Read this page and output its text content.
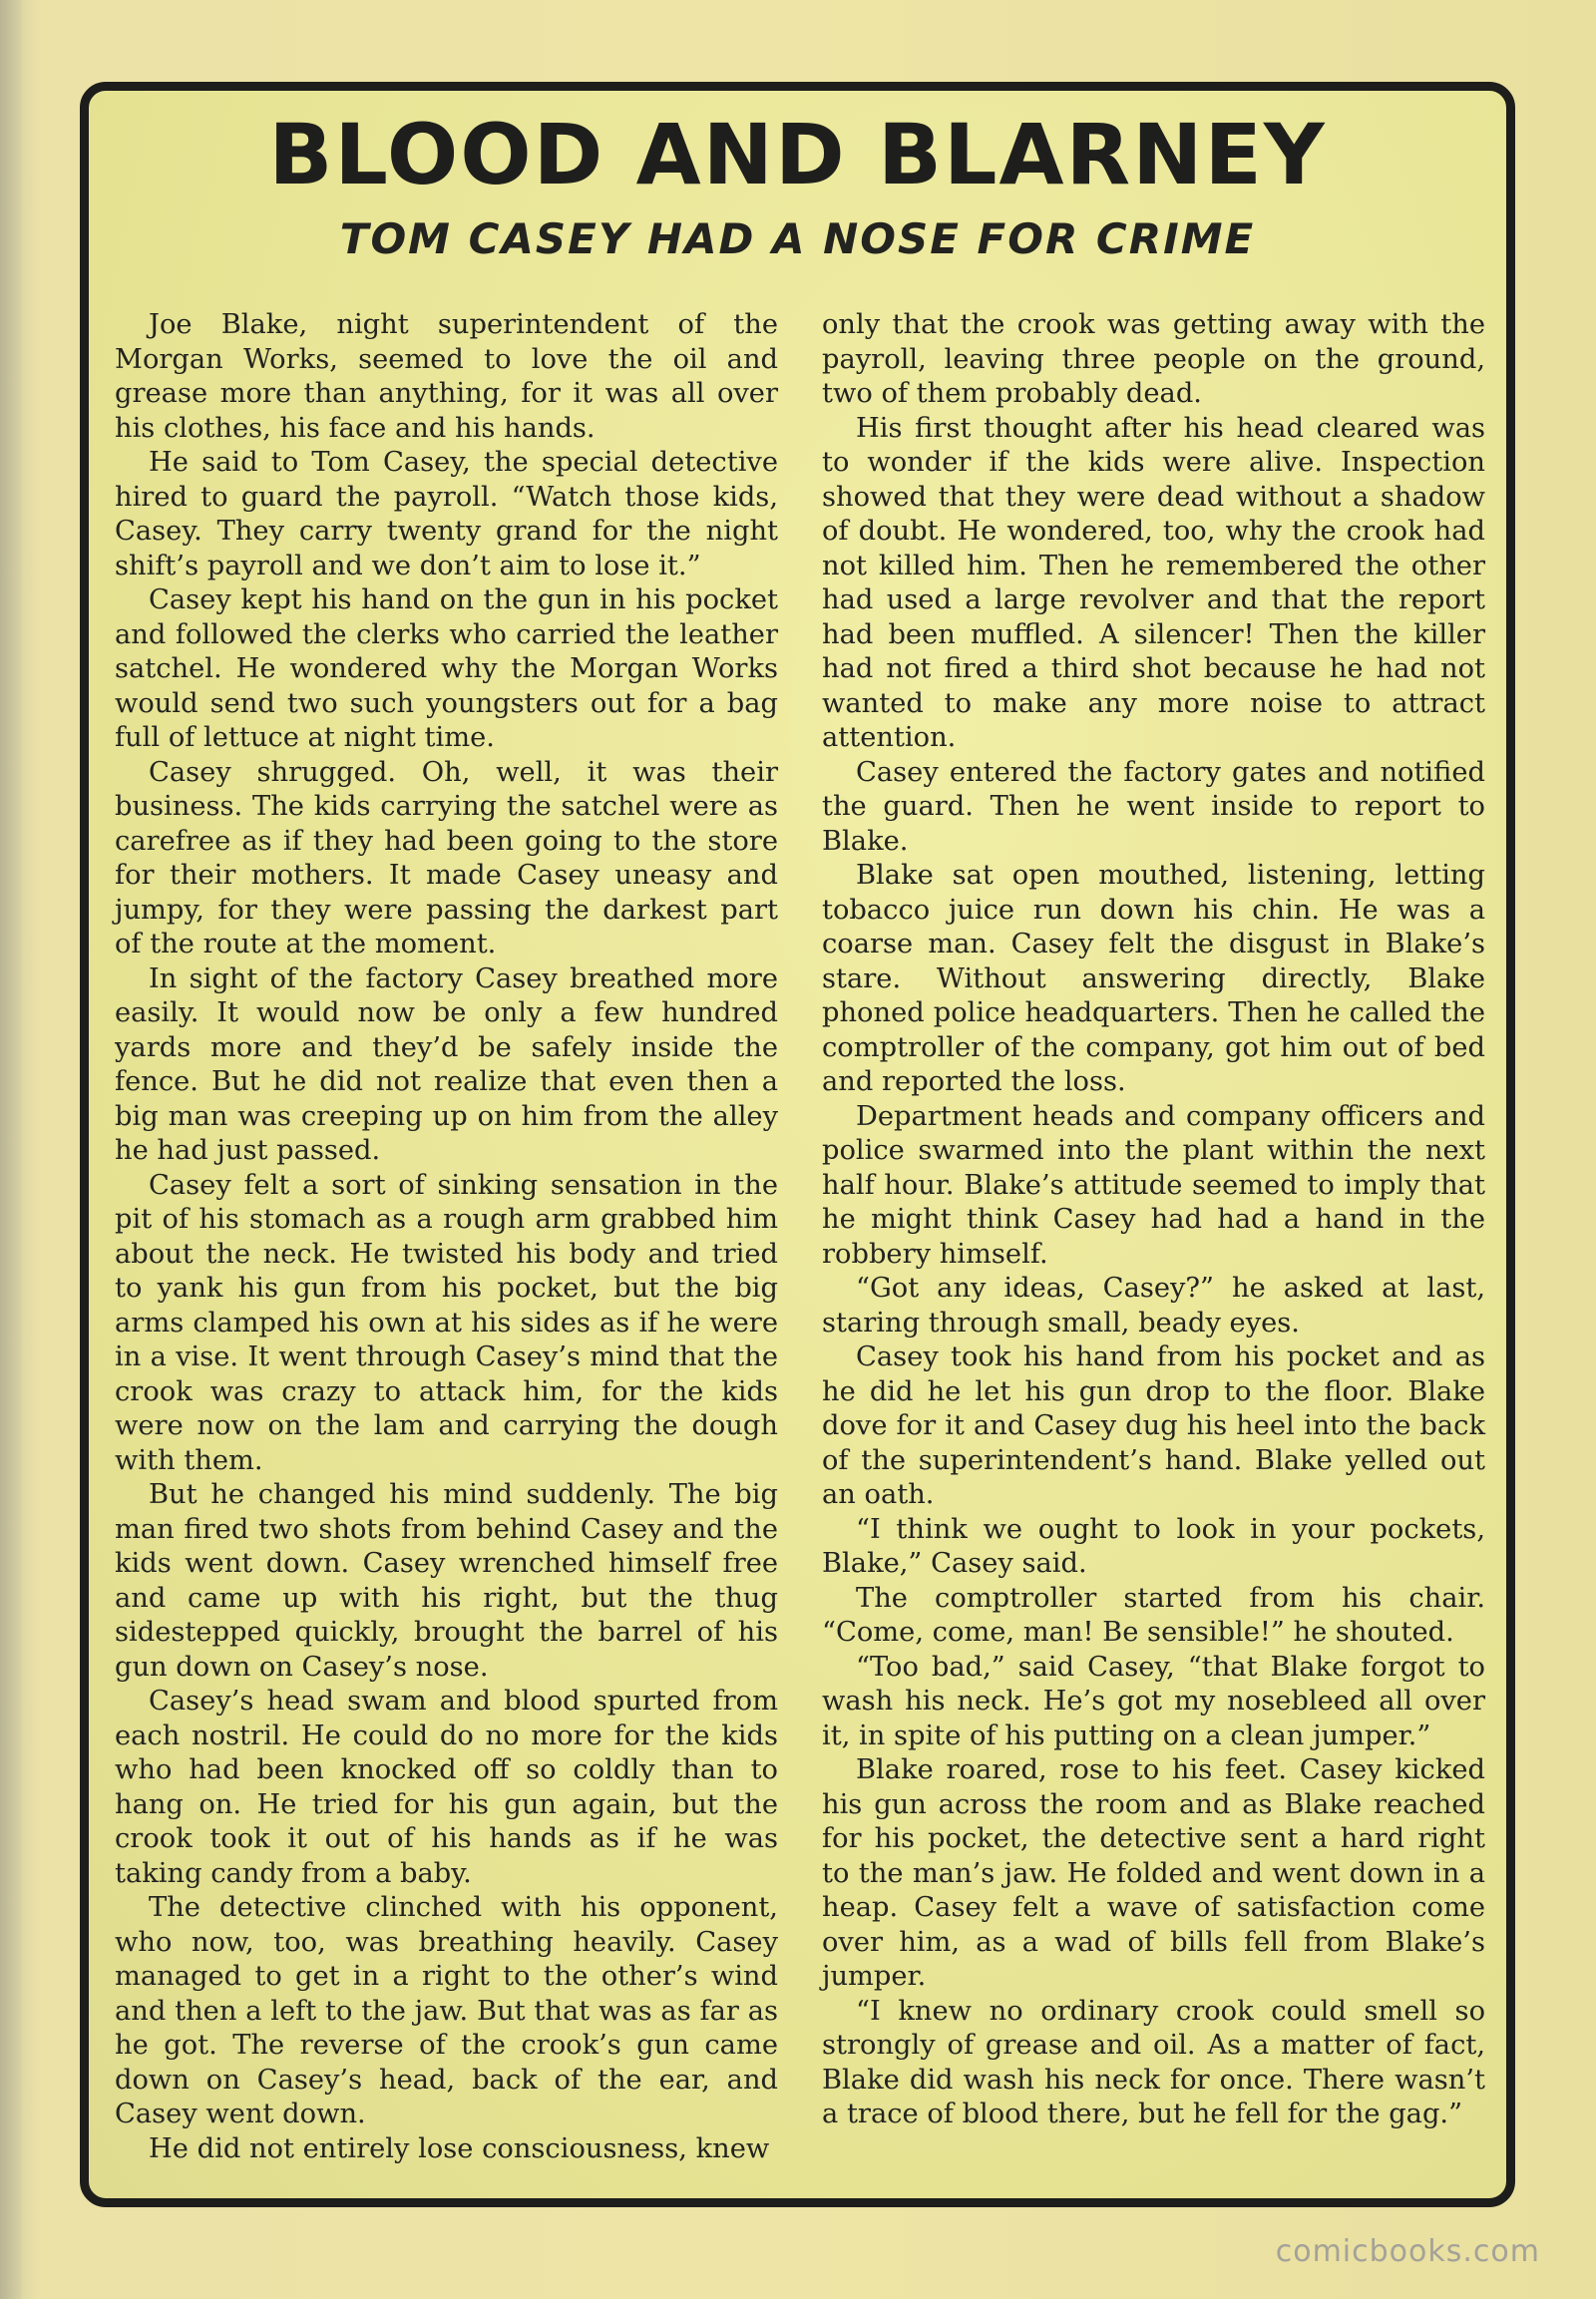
BLOOD AND BLARNEY
TOM CASEY HAD A NOSE FOR CRIME

Joe Blake, night superintendent of the Morgan Works, seemed to love the oil and grease more than anything, for it was all over his clothes, his face and his hands.

He said to Tom Casey, the special detective hired to guard the payroll. “Watch those kids, Casey. They carry twenty grand for the night shift’s payroll and we don’t aim to lose it.”

Casey kept his hand on the gun in his pocket and followed the clerks who carried the leather satchel. He wondered why the Morgan Works would send two such youngsters out for a bag full of lettuce at night time.

Casey shrugged. Oh, well, it was their business. The kids carrying the satchel were as carefree as if they had been going to the store for their mothers. It made Casey uneasy and jumpy, for they were passing the darkest part of the route at the moment.

In sight of the factory Casey breathed more easily. It would now be only a few hundred yards more and they’d be safely inside the fence. But he did not realize that even then a big man was creeping up on him from the alley he had just passed.

Casey felt a sort of sinking sensation in the pit of his stomach as a rough arm grabbed him about the neck. He twisted his body and tried to yank his gun from his pocket, but the big arms clamped his own at his sides as if he were in a vise. It went through Casey’s mind that the crook was crazy to attack him, for the kids were now on the lam and carrying the dough with them.

But he changed his mind suddenly. The big man fired two shots from behind Casey and the kids went down. Casey wrenched himself free and came up with his right, but the thug sidestepped quickly, brought the barrel of his gun down on Casey’s nose.

Casey’s head swam and blood spurted from each nostril. He could do no more for the kids who had been knocked off so coldly than to hang on. He tried for his gun again, but the crook took it out of his hands as if he was taking candy from a baby.

The detective clinched with his opponent, who now, too, was breathing heavily. Casey managed to get in a right to the other’s wind and then a left to the jaw. But that was as far as he got. The reverse of the crook’s gun came down on Casey’s head, back of the ear, and Casey went down.

He did not entirely lose consciousness, knew

only that the crook was getting away with the payroll, leaving three people on the ground, two of them probably dead.

His first thought after his head cleared was to wonder if the kids were alive. Inspection showed that they were dead without a shadow of doubt. He wondered, too, why the crook had not killed him. Then he remembered the other had used a large revolver and that the report had been muffled. A silencer! Then the killer had not fired a third shot because he had not wanted to make any more noise to attract attention.

Casey entered the factory gates and notified the guard. Then he went inside to report to Blake.

Blake sat open mouthed, listening, letting tobacco juice run down his chin. He was a coarse man. Casey felt the disgust in Blake’s stare. Without answering directly, Blake phoned police headquarters. Then he called the comptroller of the company, got him out of bed and reported the loss.

Department heads and company officers and police swarmed into the plant within the next half hour. Blake’s attitude seemed to imply that he might think Casey had had a hand in the robbery himself.

“Got any ideas, Casey?” he asked at last, staring through small, beady eyes.

Casey took his hand from his pocket and as he did he let his gun drop to the floor. Blake dove for it and Casey dug his heel into the back of the superintendent’s hand. Blake yelled out an oath.

“I think we ought to look in your pockets, Blake,” Casey said.

The comptroller started from his chair. “Come, come, man! Be sensible!” he shouted.

“Too bad,” said Casey, “that Blake forgot to wash his neck. He’s got my nosebleed all over it, in spite of his putting on a clean jumper.”

Blake roared, rose to his feet. Casey kicked his gun across the room and as Blake reached for his pocket, the detective sent a hard right to the man’s jaw. He folded and went down in a heap. Casey felt a wave of satisfaction come over him, as a wad of bills fell from Blake’s jumper.

“I knew no ordinary crook could smell so strongly of grease and oil. As a matter of fact, Blake did wash his neck for once. There wasn’t a trace of blood there, but he fell for the gag.”

comicbooks.com
